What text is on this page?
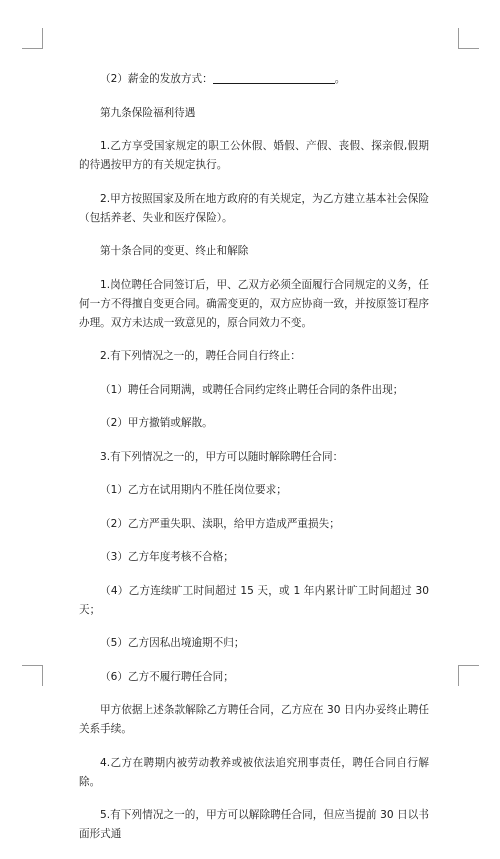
（2）薪金的发放方式：	。

第九条保险福利待遇

1.乙方享受国家规定的职工公休假、婚假、产假、丧假、探亲假,假期的待遇按甲方的有关规定执行。

2.甲方按照国家及所在地方政府的有关规定，为乙方建立基本社会保险（包括养老、失业和医疗保险）。

第十条合同的变更、终止和解除

1.岗位聘任合同签订后，甲、乙双方必须全面履行合同规定的义务，任何一方不得擅自变更合同。确需变更的，双方应协商一致，并按原签订程序办理。双方未达成一致意见的，原合同效力不变。

2.有下列情况之一的，聘任合同自行终止：

（1）聘任合同期满，或聘任合同约定终止聘任合同的条件出现；

（2）甲方撤销或解散。

3.有下列情况之一的，甲方可以随时解除聘任合同：

（1）乙方在试用期内不胜任岗位要求；

（2）乙方严重失职、渎职，给甲方造成严重损失；

（3）乙方年度考核不合格；

（4）乙方连续旷工时间超过 15 天，或 1 年内累计旷工时间超过 30 天；

（5）乙方因私出境逾期不归；

（6）乙方不履行聘任合同；

甲方依据上述条款解除乙方聘任合同，乙方应在 30 日内办妥终止聘任关系手续。

4.乙方在聘期内被劳动教养或被依法追究刑事责任，聘任合同自行解除。

5.有下列情况之一的，甲方可以解除聘任合同，但应当提前 30 日以书面形式通
